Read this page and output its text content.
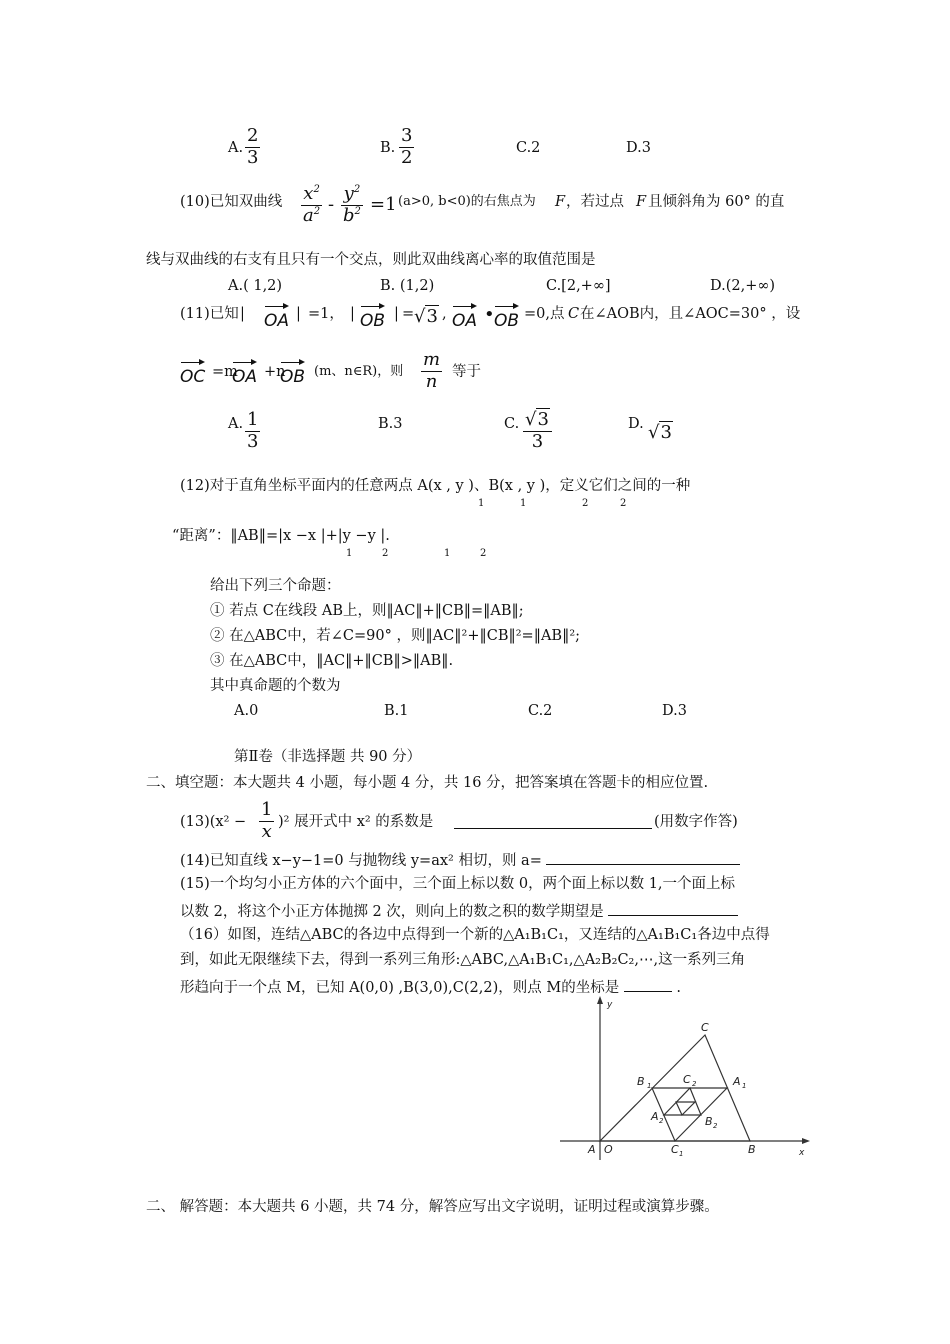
A. $\frac{2}{3}$	B. $\frac{3}{2}$	C.2	D.3
(10)已知双曲线 $\frac{x^2}{a^2} - \frac{y^2}{b^2} =1$ (a>0, b<0)的右焦点为 F ，若过点 F 且倾斜角为 60° 的直
线与双曲线的右支有且只有一个交点，则此双曲线离心率的取值范围是
A.( 1,2)	B. (1,2)	C.[2,+∞]	D.(2,+∞)
(11)已知 | OA | =1， | OB | = √3 , OA • OB =0,点 C 在∠AOB内，且∠AOC=30° ，设
OC =m
OA +n
OB (m、n∈R)，则 $\frac{m}{n}$ 等于
A. $\frac{1}{3}$	B.3	C. $\frac{√3}{3}$	D. √3
(12)对于直角坐标平面内的任意两点 A(x , y )、B(x , y )，定义它们之间的一种
1	1	2	2
“距离”：‖AB‖=|x −x |+|y −y |.
1	2	1	2
给出下列三个命题：
① 若点 C在线段 AB上，则‖AC‖+‖CB‖=‖AB‖;
② 在△ABC中，若∠C=90° ，则‖AC‖²+‖CB‖²=‖AB‖²;
③ 在△ABC中，‖AC‖+‖CB‖>‖AB‖.
其中真命题的个数为
A.0	B.1	C.2	D.3
第Ⅱ卷（非选择题 共 90 分）
二、填空题：本大题共 4 小题，每小题 4 分，共 16 分，把答案填在答题卡的相应位置.
$(13)(x^2 - \frac{1}{x} )^2$ 展开式中 x² 的系数是	(用数字作答)
(14)已知直线 x−y−1=0 与抛物线 y=ax² 相切，则 a=
(15)一个均匀小正方体的六个面中，三个面上标以数 0，两个面上标以数 1,一个面上标
以数 2，将这个小正方体抛掷 2 次，则向上的数之积的数学期望是
（16）如图，连结△ABC的各边中点得到一个新的△A₁B₁C₁，又连结的△A₁B₁C₁各边中点得
到，如此无限继续下去，得到一系列三角形:△ABC,△A₁B₁C₁,△A₂B₂C₂,⋯,这一系列三角
形趋向于一个点 M，已知 A(0,0) ,B(3,0),C(2,2)，则点 M的坐标是	.
y
x
C
A O	B
B 1	C 2	A 1
A 2	B 2
C 1
二、 解答题：本大题共 6 小题，共 74 分，解答应写出文字说明，证明过程或演算步骤。
